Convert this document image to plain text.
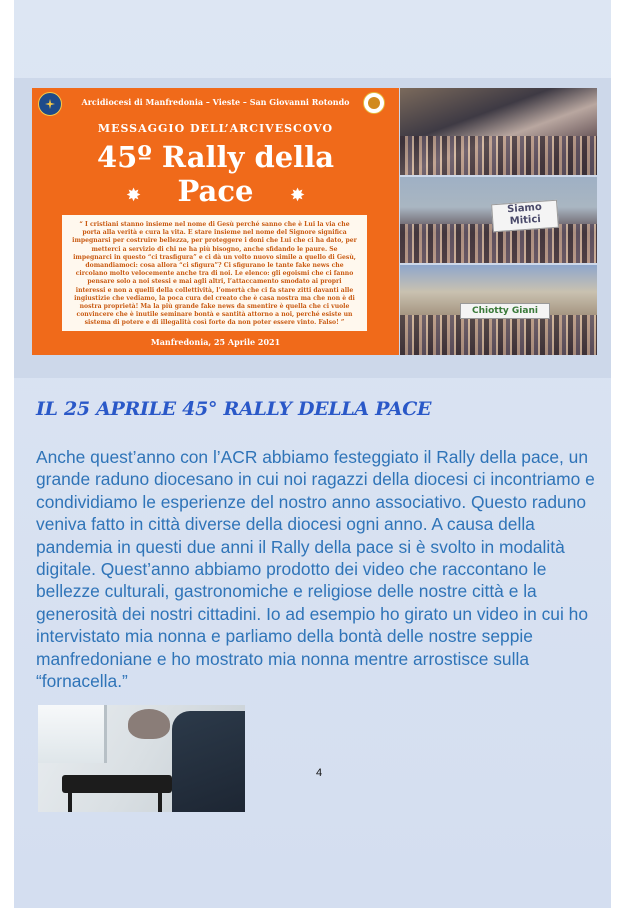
Arcidiocesi di Manfredonia – Vieste – San Giovanni Rotondo
MESSAGGIO DELL’ARCIVESCOVO
45º Rally della
Pace
✸	✸
“ I cristiani stanno insieme nel nome di Gesù perché sanno che è Lui la via che porta alla verità e cura la vita. E stare insieme nel nome del Signore significa impegnarsi per costruire bellezza, per proteggere i doni che Lui che ci ha dato, per metterci a servizio di chi ne ha più bisogno, anche sfidando le paure. Se impegnarci in questo “ci trasfigura” e ci dà un volto nuovo simile a quello di Gesù, domandiamoci: cosa allora “ci sfigura”? Ci sfigurano le tante fake news che circolano molto velocemente anche tra di noi. Le elenco: gli egoismi che ci fanno pensare solo a noi stessi e mai agli altri, l’attaccamento smodato ai propri interessi e non a quelli della collettività, l’omertà che ci fa stare zitti davanti alle ingiustizie che vediamo, la poca cura del creato che è casa nostra ma che non è di nostra proprietà! Ma la più grande fake news da smentire è quella che ci vuole convincere che è inutile seminare bontà e santità attorno a noi, perché esiste un sistema di potere e di illegalità così forte da non poter essere vinto. Falso! ”
Manfredonia, 25 Aprile 2021
Siamo Mitici
Chiotty Giani
IL 25 APRILE 45° RALLY DELLA PACE
Anche quest’anno con l’ACR abbiamo festeggiato il Rally della pace, un grande raduno diocesano in cui noi ragazzi della diocesi ci incontriamo e condividiamo le esperienze del nostro anno associativo. Questo raduno veniva fatto in città diverse della diocesi ogni anno. A causa della pandemia in questi due anni il Rally della pace si è svolto in modalità digitale. Quest’anno abbiamo prodotto dei video che raccontano le bellezze culturali, gastronomiche e religiose delle nostre città e la generosità dei nostri cittadini. Io ad esempio ho girato un video in cui ho intervistato mia nonna e parliamo della bontà delle nostre seppie manfredoniane e ho mostrato mia nonna mentre arrostisce sulla “fornacella.”
4
